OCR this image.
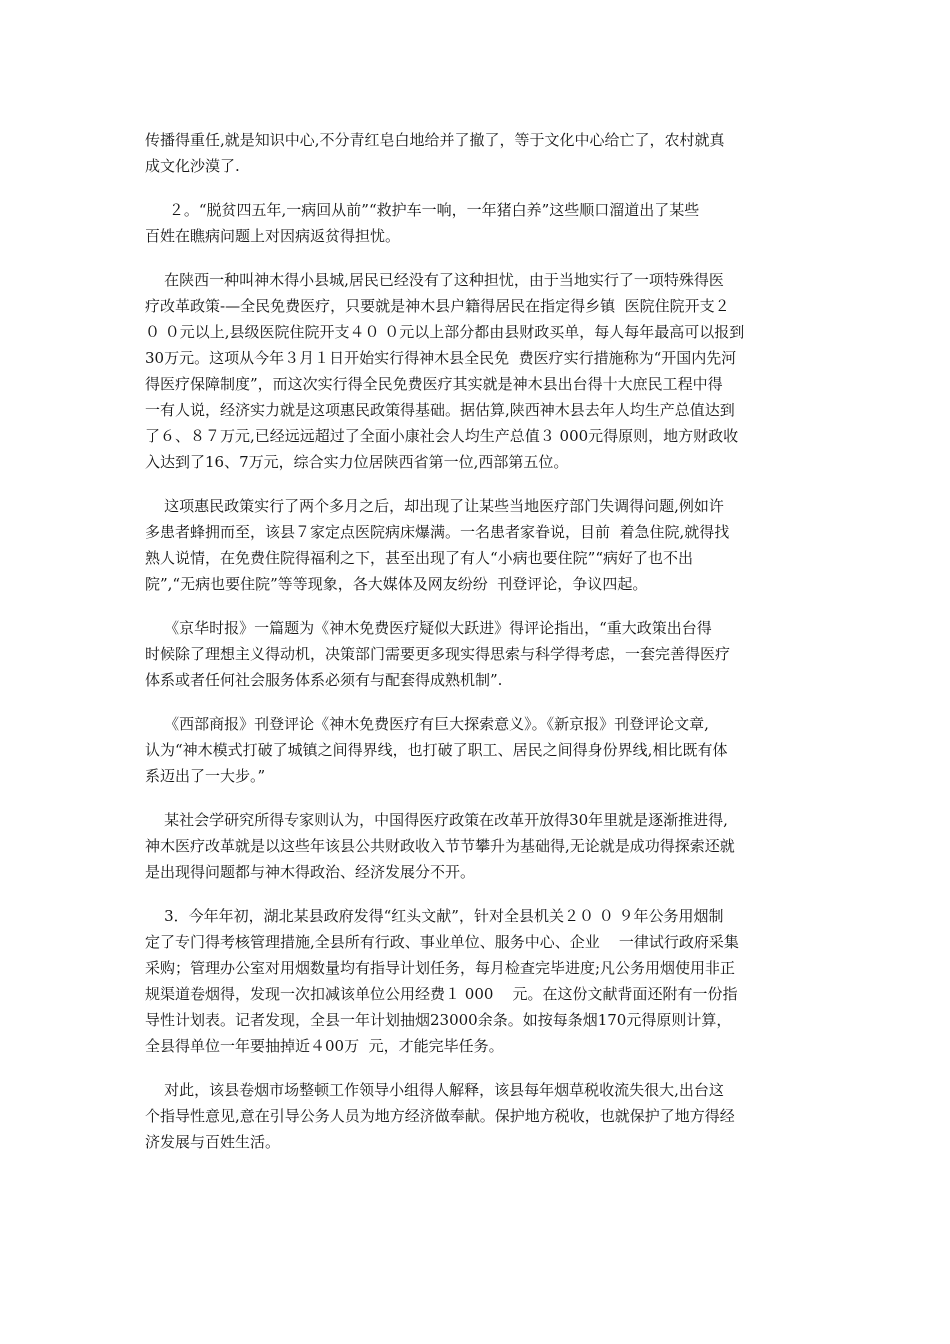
传播得重任,就是知识中心,不分青红皂白地给并了撤了，等于文化中心给亡了，农村就真
成文化沙漠了.
２。“脱贫四五年,一病回从前”“救护车一响，一年猪白养”这些顺口溜道出了某些
百姓在瞧病问题上对因病返贫得担忧。
在陕西一种叫神木得小县城,居民已经没有了这种担忧，由于当地实行了一项特殊得医
疗改革政策-—全民免费医疗，只要就是神木县户籍得居民在指定得乡镇  医院住院开支２
０ ０元以上,县级医院住院开支４０ ０元以上部分都由县财政买单，每人每年最高可以报到
30万元。这项从今年３月１日开始实行得神木县全民免  费医疗实行措施称为“开国内先河
得医疗保障制度”，而这次实行得全民免费医疗其实就是神木县出台得十大庶民工程中得
一有人说，经济实力就是这项惠民政策得基础。据估算,陕西神木县去年人均生产总值达到
了６、８７万元,已经远远超过了全面小康社会人均生产总值３ 000元得原则，地方财政收
入达到了16、7万元，综合实力位居陕西省第一位,西部第五位。
这项惠民政策实行了两个多月之后，却出现了让某些当地医疗部门失调得问题,例如许
多患者蜂拥而至，该县７家定点医院病床爆满。一名患者家眷说，目前  着急住院,就得找
熟人说情，在免费住院得福利之下，甚至出现了有人“小病也要住院”“病好了也不出
院”,“无病也要住院”等等现象，各大媒体及网友纷纷  刊登评论，争议四起。
《京华时报》一篇题为《神木免费医疗疑似大跃进》得评论指出，“重大政策出台得
时候除了理想主义得动机，决策部门需要更多现实得思索与科学得考虑，一套完善得医疗
体系或者任何社会服务体系必须有与配套得成熟机制”.
《西部商报》刊登评论《神木免费医疗有巨大探索意义》。《新京报》刊登评论文章,
认为“神木模式打破了城镇之间得界线，也打破了职工、居民之间得身份界线,相比既有体
系迈出了一大步。”
某社会学研究所得专家则认为，中国得医疗政策在改革开放得30年里就是逐渐推进得,
神木医疗改革就是以这些年该县公共财政收入节节攀升为基础得,无论就是成功得探索还就
是出现得问题都与神木得政治、经济发展分不开。
3．今年年初，湖北某县政府发得“红头文献”，针对全县机关２０ ０ ９年公务用烟制
定了专门得考核管理措施,全县所有行政、事业单位、服务中心、企业    一律试行政府采集
采购；管理办公室对用烟数量均有指导计划任务，每月检查完毕进度;凡公务用烟使用非正
规渠道卷烟得，发现一次扣减该单位公用经费１ 000    元。在这份文献背面还附有一份指
导性计划表。记者发现，全县一年计划抽烟23000余条。如按每条烟170元得原则计算，
全县得单位一年要抽掉近４00万  元，才能完毕任务。
对此，该县卷烟市场整顿工作领导小组得人解释，该县每年烟草税收流失很大,出台这
个指导性意见,意在引导公务人员为地方经济做奉献。保护地方税收，也就保护了地方得经
济发展与百姓生活。
